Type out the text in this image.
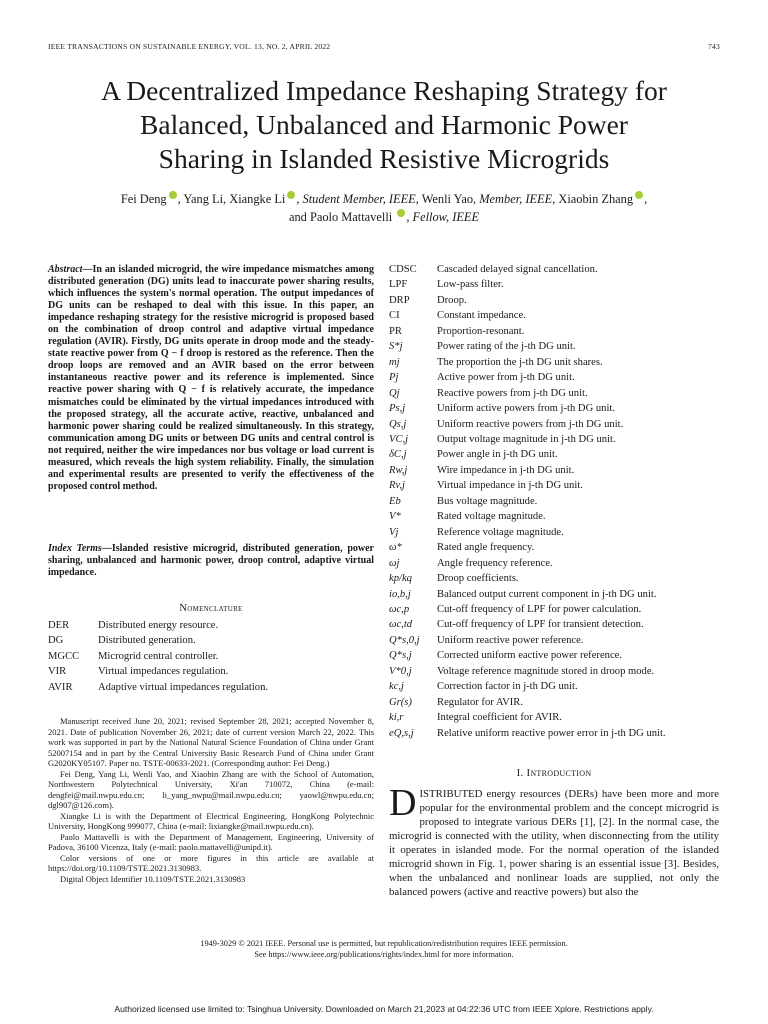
IEEE TRANSACTIONS ON SUSTAINABLE ENERGY, VOL. 13, NO. 2, APRIL 2022	743
A Decentralized Impedance Reshaping Strategy for
Balanced, Unbalanced and Harmonic Power
Sharing in Islanded Resistive Microgrids
Fei Deng , Yang Li, Xiangke Li , Student Member, IEEE, Wenli Yao, Member, IEEE, Xiaobin Zhang ,
and Paolo Mattavelli , Fellow, IEEE
Abstract—In an islanded microgrid, the wire impedance mismatches among distributed generation (DG) units lead to inaccurate power sharing results, which influences the system's normal operation. The output impedances of DG units can be reshaped to deal with this issue. In this paper, an impedance reshaping strategy for the resistive microgrid is proposed based on the combination of droop control and adaptive virtual impedance regulation (AVIR). Firstly, DG units operate in droop mode and the steady-state reactive power from Q − f droop is restored as the reference. Then the droop loops are removed and an AVIR based on the error between instantaneous reactive power and its reference is implemented. Since reactive power sharing with Q − f is relatively accurate, the impedance mismatches could be eliminated by the virtual impedances introduced with the proposed strategy, all the accurate active, reactive, unbalanced and harmonic power sharing could be realized simultaneously. In this strategy, communication among DG units or between DG units and central control is not required, neither the wire impedances nor bus voltage or load current is measured, which reveals the high system reliability. Finally, the simulation and experimental results are presented to verify the effectiveness of the proposed control method.
Index Terms—Islanded resistive microgrid, distributed generation, power sharing, unbalanced and harmonic power, droop control, adaptive virtual impedance.
Nomenclature
DER	Distributed energy resource.
DG	Distributed generation.
MGCC	Microgrid central controller.
VIR	Virtual impedances regulation.
AVIR	Adaptive virtual impedances regulation.
CDSC	Cascaded delayed signal cancellation.
LPF	Low-pass filter.
DRP	Droop.
CI	Constant impedance.
PR	Proportion-resonant.
S*j	Power rating of the j-th DG unit.
mj	The proportion the j-th DG unit shares.
Pj	Active power from j-th DG unit.
Qj	Reactive powers from j-th DG unit.
Ps,j	Uniform active powers from j-th DG unit.
Qs,j	Uniform reactive powers from j-th DG unit.
VC,j	Output voltage magnitude in j-th DG unit.
δC,j	Power angle in j-th DG unit.
Rw,j	Wire impedance in j-th DG unit.
Rv,j	Virtual impedance in j-th DG unit.
Eb	Bus voltage magnitude.
V*	Rated voltage magnitude.
Vj	Reference voltage magnitude.
ω*	Rated angle frequency.
ωj	Angle frequency reference.
kp/kq	Droop coefficients.
io,b,j	Balanced output current component in j-th DG unit.
ωc,p	Cut-off frequency of LPF for power calculation.
ωc,td	Cut-off frequency of LPF for transient detection.
Q*s,0,j	Uniform reactive power reference.
Q*s,j	Corrected uniform eactive power reference.
V*0,j	Voltage reference magnitude stored in droop mode.
kc,j	Correction factor in j-th DG unit.
Gr(s)	Regulator for AVIR.
ki,r	Integral coefficient for AVIR.
eQ,s,j	Relative uniform reactive power error in j-th DG unit.

Manuscript received June 20, 2021; revised September 28, 2021; accepted November 8, 2021. Date of publication November 26, 2021; date of current version March 22, 2022. This work was supported in part by the National Natural Science Foundation of China under Grant 52007154 and in part by the Central University Basic Research Fund of China under Grant G2020KY05107. Paper no. TSTE-00633-2021. (Corresponding author: Fei Deng.)

Fei Deng, Yang Li, Wenli Yao, and Xiaobin Zhang are with the School of Automation, Northwestern Polytechnical University, Xi'an 710072, China (e-mail: dengfei@mail.nwpu.edu.cn; li_yang_nwpu@mail.nwpu.edu.cn; yaowl@nwpu.edu.cn; dgl907@126.com).

Xiangke Li is with the Department of Electrical Engineering, HongKong Polytechnic University, HongKong 999077, China (e-mail: lixiangke@mail.nwpu.edu.cn).

Paolo Mattavelli is with the Department of Management, Engineering, University of Padova, 36100 Vicenza, Italy (e-mail: paolo.mattavelli@unipd.it).

Color versions of one or more figures in this article are available at https://doi.org/10.1109/TSTE.2021.3130983.

Digital Object Identifier 10.1109/TSTE.2021.3130983

I. Introduction
DISTRIBUTED energy resources (DERs) have been more and more popular for the environmental problem and the concept microgrid is proposed to integrate various DERs [1], [2]. In the normal case, the microgrid is connected with the utility, when disconnecting from the utility it operates in islanded mode. For the normal operation of the islanded microgrid shown in Fig. 1, power sharing is an essential issue [3]. Besides, when the unbalanced and nonlinear loads are supplied, not only the balanced powers (active and reactive powers) but also the
1949-3029 © 2021 IEEE. Personal use is permitted, but republication/redistribution requires IEEE permission.
See https://www.ieee.org/publications/rights/index.html for more information.
Authorized licensed use limited to: Tsinghua University. Downloaded on March 21,2023 at 04:22:36 UTC from IEEE Xplore. Restrictions apply.
